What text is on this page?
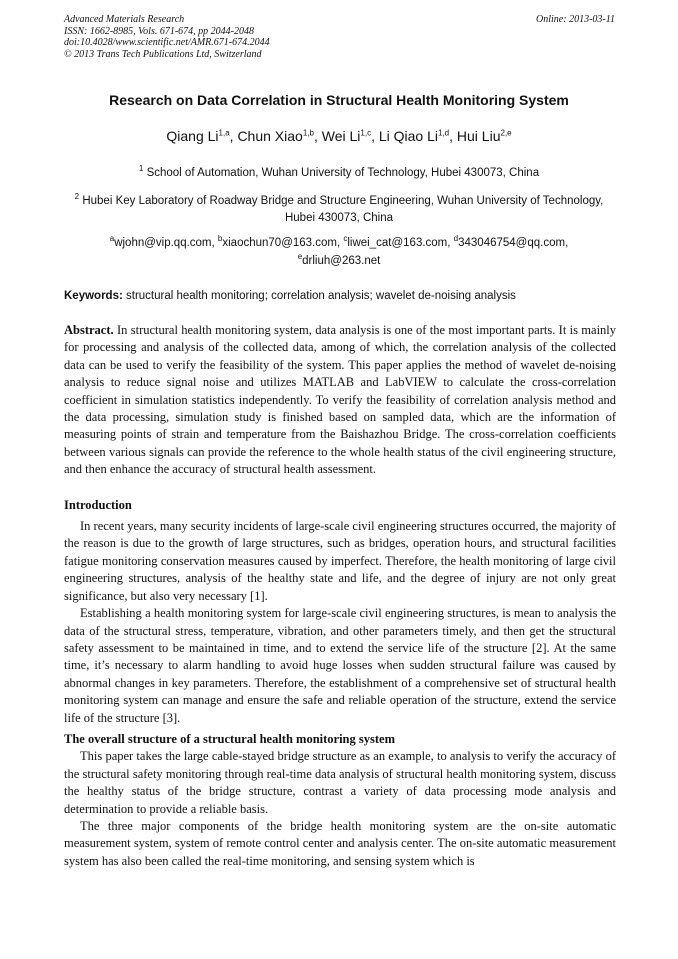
Advanced Materials Research
ISSN: 1662-8985, Vols. 671-674, pp 2044-2048
doi:10.4028/www.scientific.net/AMR.671-674.2044
© 2013 Trans Tech Publications Ltd, Switzerland
Online: 2013-03-11
Research on Data Correlation in Structural Health Monitoring System
Qiang Li$^{1,a}$, Chun Xiao$^{1,b}$, Wei Li$^{1,c}$, Li Qiao Li$^{1,d}$, Hui Liu$^{2,e}$
$^1$ School of Automation, Wuhan University of Technology, Hubei 430073, China
$^2$ Hubei Key Laboratory of Roadway Bridge and Structure Engineering, Wuhan University of Technology, Hubei 430073, China
$^a$wjohn@vip.qq.com, $^b$xiaochun70@163.com, $^c$liwei_cat@163.com, $^d$343046754@qq.com,
$^e$drliuh@263.net
Keywords: structural health monitoring; correlation analysis; wavelet de-noising analysis

Abstract. In structural health monitoring system, data analysis is one of the most important parts. It is mainly for processing and analysis of the collected data, among of which, the correlation analysis of the collected data can be used to verify the feasibility of the system. This paper applies the method of wavelet de-noising analysis to reduce signal noise and utilizes MATLAB and LabVIEW to calculate the cross-correlation coefficient in simulation statistics independently. To verify the feasibility of correlation analysis method and the data processing, simulation study is finished based on sampled data, which are the information of measuring points of strain and temperature from the Baishazhou Bridge. The cross-correlation coefficients between various signals can provide the reference to the whole health status of the civil engineering structure, and then enhance the accuracy of structural health assessment.

Introduction

In recent years, many security incidents of large-scale civil engineering structures occurred, the majority of the reason is due to the growth of large structures, such as bridges, operation hours, and structural facilities fatigue monitoring conservation measures caused by imperfect. Therefore, the health monitoring of large civil engineering structures, analysis of the healthy state and life, and the degree of injury are not only great significance, but also very necessary [1].

Establishing a health monitoring system for large-scale civil engineering structures, is mean to analysis the data of the structural stress, temperature, vibration, and other parameters timely, and then get the structural safety assessment to be maintained in time, and to extend the service life of the structure [2]. At the same time, it’s necessary to alarm handling to avoid huge losses when sudden structural failure was caused by abnormal changes in key parameters. Therefore, the establishment of a comprehensive set of structural health monitoring system can manage and ensure the safe and reliable operation of the structure, extend the service life of the structure [3].

The overall structure of a structural health monitoring system

This paper takes the large cable-stayed bridge structure as an example, to analysis to verify the accuracy of the structural safety monitoring through real-time data analysis of structural health monitoring system, discuss the healthy status of the bridge structure, contrast a variety of data processing mode analysis and determination to provide a reliable basis.

The three major components of the bridge health monitoring system are the on-site automatic measurement system, system of remote control center and analysis center. The on-site automatic measurement system has also been called the real-time monitoring, and sensing system which is
